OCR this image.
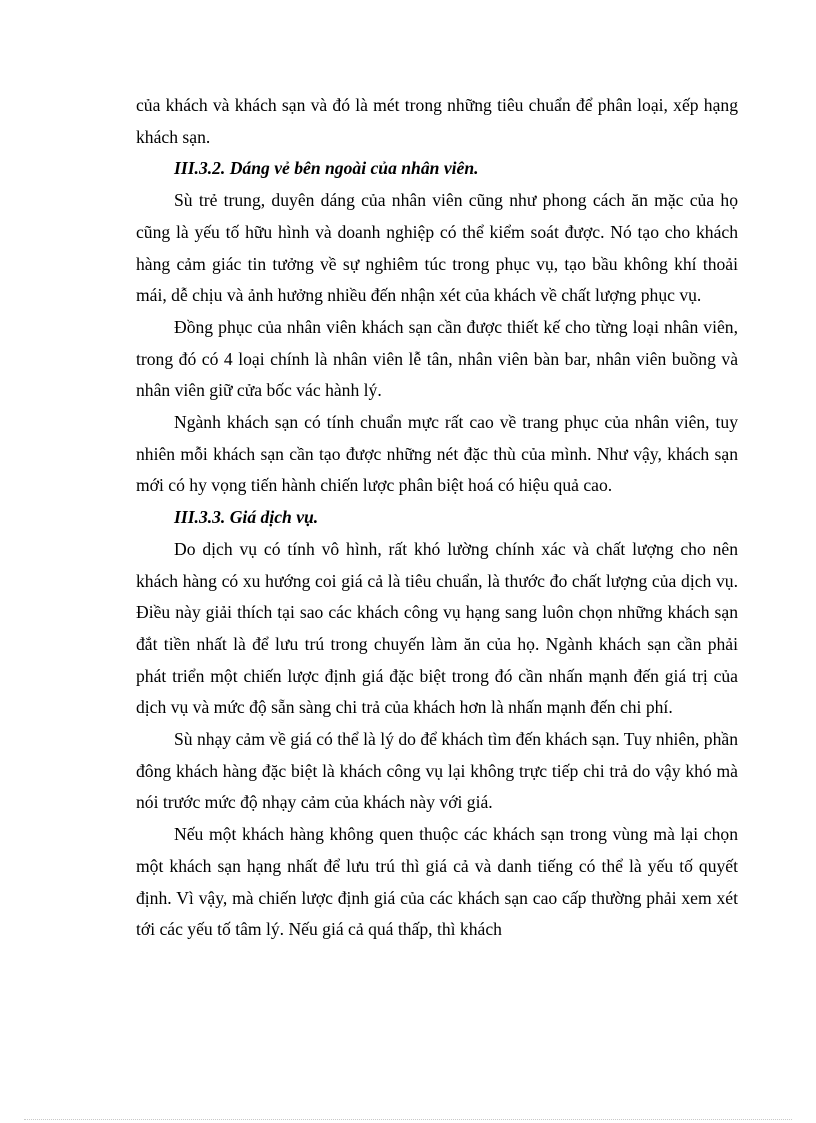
của khách và khách sạn và đó là mét trong những tiêu chuẩn để phân loại, xếp hạng khách sạn.

III.3.2. Dáng vẻ bên ngoài của nhân viên.

Sù trẻ trung, duyên dáng của nhân viên cũng như phong cách ăn mặc của họ cũng là yếu tố hữu hình và doanh nghiệp có thể kiểm soát được. Nó tạo cho khách hàng cảm giác tin tưởng về sự nghiêm túc trong phục vụ, tạo bầu không khí thoải mái, dễ chịu và ảnh hưởng nhiều đến nhận xét của khách về chất lượng phục vụ.

Đồng phục của nhân viên khách sạn cần được thiết kế cho từng loại nhân viên, trong đó có 4 loại chính là nhân viên lễ tân, nhân viên bàn bar, nhân viên buồng và nhân viên giữ cửa bốc vác hành lý.

Ngành khách sạn có tính chuẩn mực rất cao về trang phục của nhân viên, tuy nhiên mỗi khách sạn cần tạo được những nét đặc thù của mình. Như vậy, khách sạn mới có hy vọng tiến hành chiến lược phân biệt hoá có hiệu quả cao.

III.3.3. Giá dịch vụ.

Do dịch vụ có tính vô hình, rất khó lường chính xác và chất lượng cho nên khách hàng có xu hướng coi giá cả là tiêu chuẩn, là thước đo chất lượng của dịch vụ. Điều này giải thích tại sao các khách công vụ hạng sang luôn chọn những khách sạn đắt tiền nhất là để lưu trú trong chuyến làm ăn của họ. Ngành khách sạn cần phải phát triển một chiến lược định giá đặc biệt trong đó cần nhấn mạnh đến giá trị của dịch vụ và mức độ sẵn sàng chi trả của khách hơn là nhấn mạnh đến chi phí.

Sù nhạy cảm về giá có thể là lý do để khách tìm đến khách sạn. Tuy nhiên, phần đông khách hàng đặc biệt là khách công vụ lại không trực tiếp chi trả do vậy khó mà nói trước mức độ nhạy cảm của khách này với giá.

Nếu một khách hàng không quen thuộc các khách sạn trong vùng mà lại chọn một khách sạn hạng nhất để lưu trú thì giá cả và danh tiếng có thể là yếu tố quyết định. Vì vậy, mà chiến lược định giá của các khách sạn cao cấp thường phải xem xét tới các yếu tố tâm lý. Nếu giá cả quá thấp, thì khách
